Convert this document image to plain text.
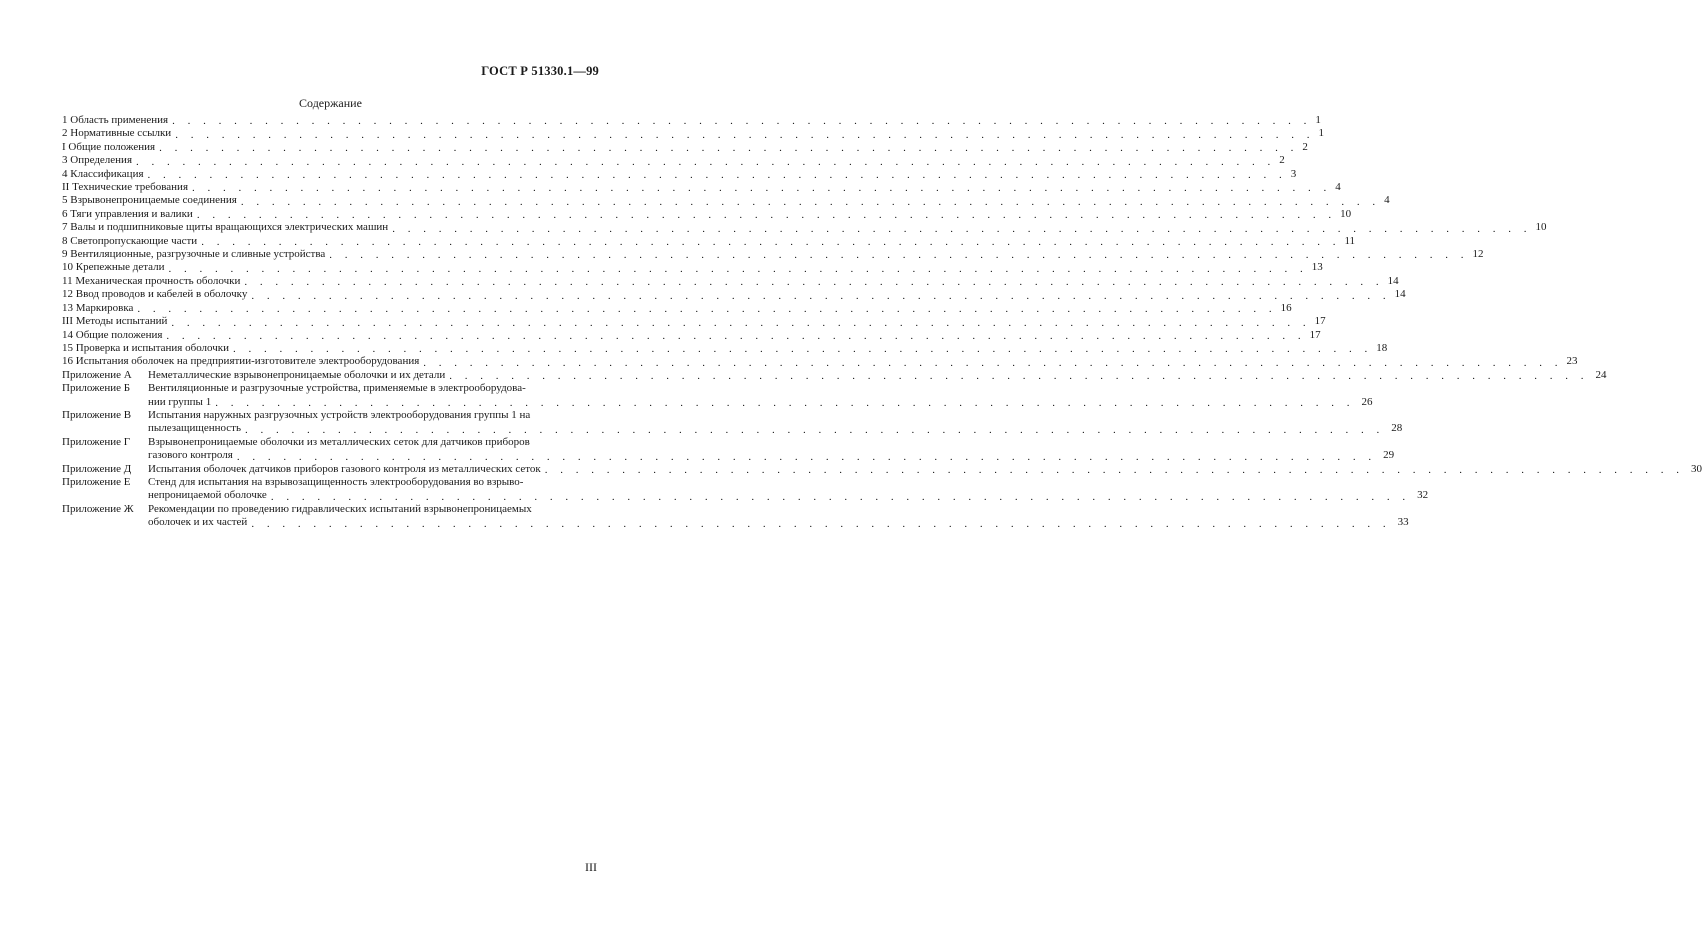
ГОСТ Р 51330.1—99
Содержание
1 Область применения . . .	1
2 Нормативные ссылки . . .	1
I Общие положения . . .	2
3 Определения . . .	2
4 Классификация . . .	3
II Технические требования . . .	4
5 Взрывонепроницаемые соединения . . .	4
6 Тяги управления и валики . . .	10
7 Валы и подшипниковые щиты вращающихся электрических машин . . .	10
8 Светопропускающие части . . .	11
9 Вентиляционные, разгрузочные и сливные устройства . . .	12
10 Крепежные детали . . .	13
11 Механическая прочность оболочки . . .	14
12 Ввод проводов и кабелей в оболочку . . .	14
13 Маркировка . . .	16
III Методы испытаний . . .	17
14 Общие положения . . .	17
15 Проверка и испытания оболочки . . .	18
16 Испытания оболочек на предприятии-изготовителе электрооборудования . . .	23
Приложение А	Неметаллические взрывонепроницаемые оболочки и их детали . . .	24
Приложение Б	Вентиляционные и разгрузочные устройства, применяемые в электрооборудова-
нии группы 1 . . .	26
Приложение В	Испытания наружных разгрузочных устройств электрооборудования группы 1 на
пылезащищенность . . .	28
Приложение Г	Взрывонепроницаемые оболочки из металлических сеток для датчиков приборов
газового контроля . . .	29
Приложение Д	Испытания оболочек датчиков приборов газового контроля из металлических сеток . . .	30
Приложение Е	Стенд для испытания на взрывозащищенность электрооборудования во взрыво-
непроницаемой оболочке . . .	32
Приложение Ж	Рекомендации по проведению гидравлических испытаний взрывонепроницаемых
оболочек и их частей . . .	33
III
